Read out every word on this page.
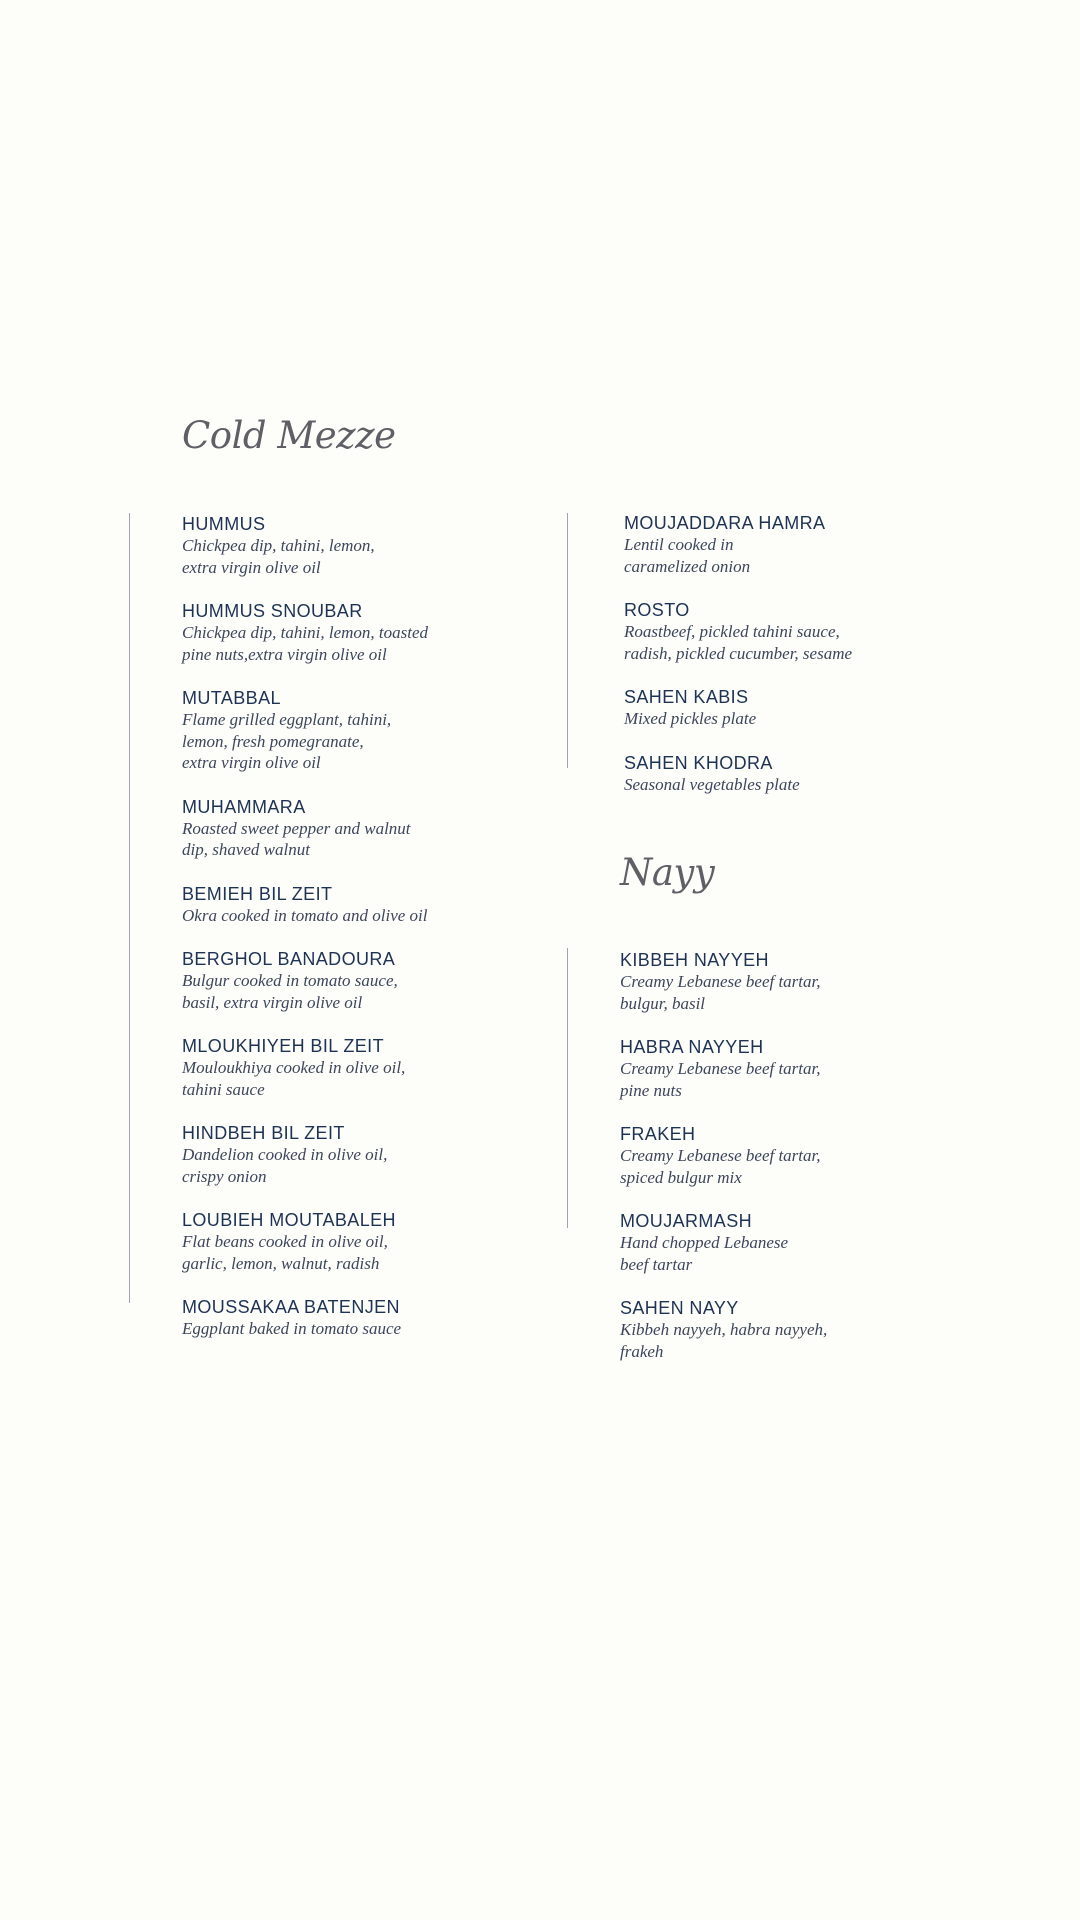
Cold Mezze
HUMMUS
Chickpea dip, tahini, lemon,
extra virgin olive oil
HUMMUS SNOUBAR
Chickpea dip, tahini, lemon, toasted
pine nuts,extra virgin olive oil
MUTABBAL
Flame grilled eggplant, tahini,
lemon, fresh pomegranate,
extra virgin olive oil
MUHAMMARA
Roasted sweet pepper and walnut
dip, shaved walnut
BEMIEH BIL ZEIT
Okra cooked in tomato and olive oil
BERGHOL BANADOURA
Bulgur cooked in tomato sauce,
basil, extra virgin olive oil
MLOUKHIYEH BIL ZEIT
Mouloukhiya cooked in olive oil,
tahini sauce
HINDBEH BIL ZEIT
Dandelion cooked in olive oil,
crispy onion
LOUBIEH MOUTABALEH
Flat beans cooked in olive oil,
garlic, lemon, walnut, radish
MOUSSAKAA BATENJEN
Eggplant baked in tomato sauce
MOUJADDARA HAMRA
Lentil cooked in
caramelized onion
ROSTO
Roastbeef, pickled tahini sauce,
radish, pickled cucumber, sesame
SAHEN KABIS
Mixed pickles plate
SAHEN KHODRA
Seasonal vegetables plate
Nayy
KIBBEH NAYYEH
Creamy Lebanese beef tartar,
bulgur, basil
HABRA NAYYEH
Creamy Lebanese beef tartar,
pine nuts
FRAKEH
Creamy Lebanese beef tartar,
spiced bulgur mix
MOUJARMASH
Hand chopped Lebanese
beef tartar
SAHEN NAYY
Kibbeh nayyeh, habra nayyeh,
frakeh
